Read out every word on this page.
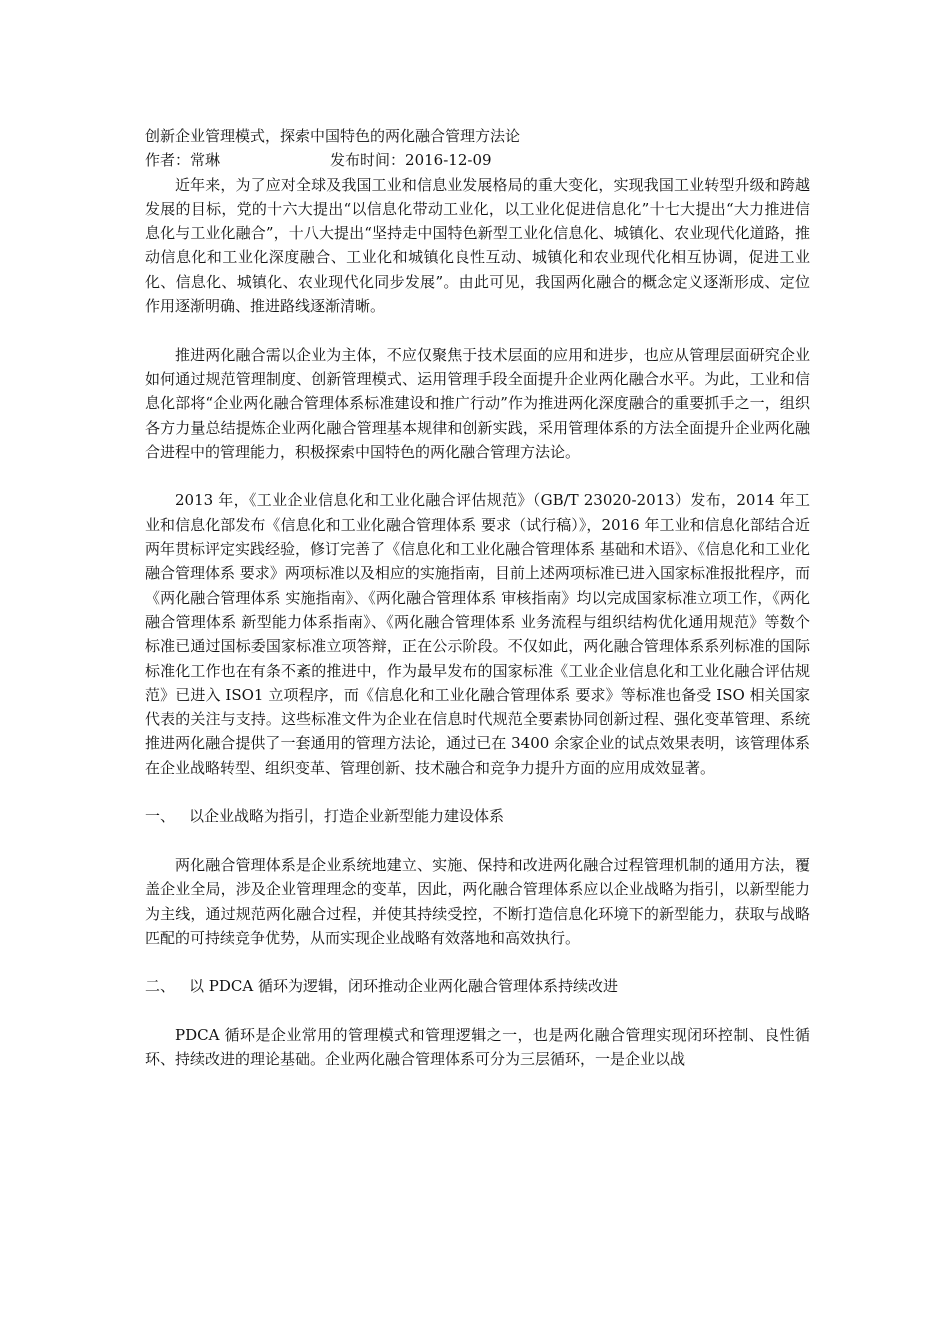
创新企业管理模式，探索中国特色的两化融合管理方法论
作者：常琳	发布时间：2016-12-09

近年来，为了应对全球及我国工业和信息业发展格局的重大变化，实现我国工业转型升级和跨越发展的目标，党的十六大提出“以信息化带动工业化，以工业化促进信息化”十七大提出“大力推进信息化与工业化融合”，十八大提出“坚持走中国特色新型工业化信息化、城镇化、农业现代化道路，推动信息化和工业化深度融合、工业化和城镇化良性互动、城镇化和农业现代化相互协调，促进工业化、信息化、城镇化、农业现代化同步发展”。由此可见，我国两化融合的概念定义逐渐形成、定位作用逐渐明确、推进路线逐渐清晰。

推进两化融合需以企业为主体，不应仅聚焦于技术层面的应用和进步，也应从管理层面研究企业如何通过规范管理制度、创新管理模式、运用管理手段全面提升企业两化融合水平。为此，工业和信息化部将“企业两化融合管理体系标准建设和推广行动”作为推进两化深度融合的重要抓手之一，组织各方力量总结提炼企业两化融合管理基本规律和创新实践，采用管理体系的方法全面提升企业两化融合进程中的管理能力，积极探索中国特色的两化融合管理方法论。

2013 年，《工业企业信息化和工业化融合评估规范》（GB/T 23020-2013）发布，2014 年工业和信息化部发布《信息化和工业化融合管理体系 要求（试行稿）》，2016 年工业和信息化部结合近两年贯标评定实践经验，修订完善了《信息化和工业化融合管理体系 基础和术语》、《信息化和工业化融合管理体系 要求》两项标准以及相应的实施指南，目前上述两项标准已进入国家标准报批程序，而《两化融合管理体系 实施指南》、《两化融合管理体系 审核指南》均以完成国家标准立项工作，《两化融合管理体系 新型能力体系指南》、《两化融合管理体系 业务流程与组织结构优化通用规范》等数个标准已通过国标委国家标准立项答辩，正在公示阶段。不仅如此，两化融合管理体系系列标准的国际标准化工作也在有条不紊的推进中，作为最早发布的国家标准《工业企业信息化和工业化融合评估规范》已进入 ISO1 立项程序，而《信息化和工业化融合管理体系 要求》等标准也备受 ISO 相关国家代表的关注与支持。这些标准文件为企业在信息时代规范全要素协同创新过程、强化变革管理、系统推进两化融合提供了一套通用的管理方法论，通过已在 3400 余家企业的试点效果表明，该管理体系在企业战略转型、组织变革、管理创新、技术融合和竞争力提升方面的应用成效显著。

一、 以企业战略为指引，打造企业新型能力建设体系

两化融合管理体系是企业系统地建立、实施、保持和改进两化融合过程管理机制的通用方法，覆盖企业全局，涉及企业管理理念的变革，因此，两化融合管理体系应以企业战略为指引，以新型能力为主线，通过规范两化融合过程，并使其持续受控，不断打造信息化环境下的新型能力，获取与战略匹配的可持续竞争优势，从而实现企业战略有效落地和高效执行。

二、 以 PDCA 循环为逻辑，闭环推动企业两化融合管理体系持续改进

PDCA 循环是企业常用的管理模式和管理逻辑之一，也是两化融合管理实现闭环控制、良性循环、持续改进的理论基础。企业两化融合管理体系可分为三层循环，一是企业以战
